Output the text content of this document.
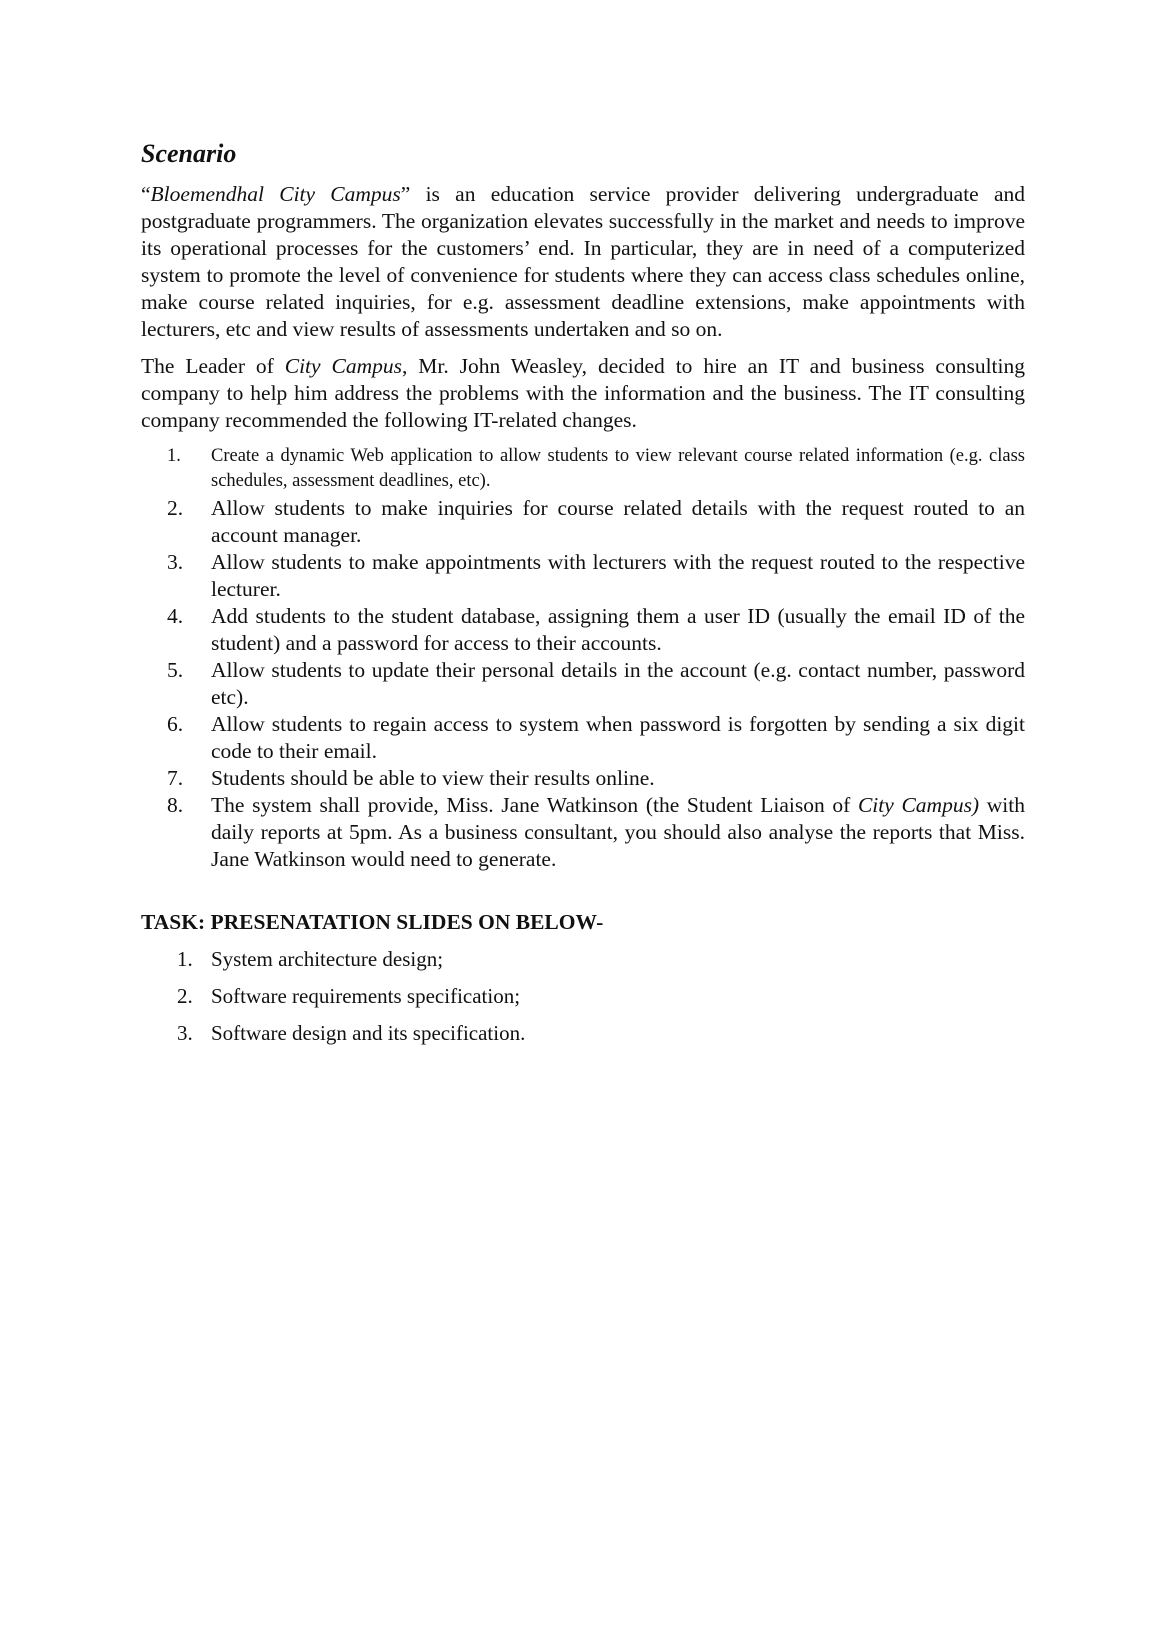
Scenario

“Bloemendhal City Campus” is an education service provider delivering undergraduate and postgraduate programmers. The organization elevates successfully in the market and needs to improve its operational processes for the customers’ end. In particular, they are in need of a computerized system to promote the level of convenience for students where they can access class schedules online, make course related inquiries, for e.g. assessment deadline extensions, make appointments with lecturers, etc and view results of assessments undertaken and so on.

The Leader of City Campus, Mr. John Weasley, decided to hire an IT and business consulting company to help him address the problems with the information and the business. The IT consulting company recommended the following IT-related changes.

1. Create a dynamic Web application to allow students to view relevant course related information (e.g. class schedules, assessment deadlines, etc).
2. Allow students to make inquiries for course related details with the request routed to an account manager.
3. Allow students to make appointments with lecturers with the request routed to the respective lecturer.
4. Add students to the student database, assigning them a user ID (usually the email ID of the student) and a password for access to their accounts.
5. Allow students to update their personal details in the account (e.g. contact number, password etc).
6. Allow students to regain access to system when password is forgotten by sending a six digit code to their email.
7. Students should be able to view their results online.
8. The system shall provide, Miss. Jane Watkinson (the Student Liaison of City Campus) with daily reports at 5pm. As a business consultant, you should also analyse the reports that Miss. Jane Watkinson would need to generate.
TASK: PRESENATATION SLIDES ON BELOW-
1. System architecture design;
2. Software requirements specification;
3. Software design and its specification.
